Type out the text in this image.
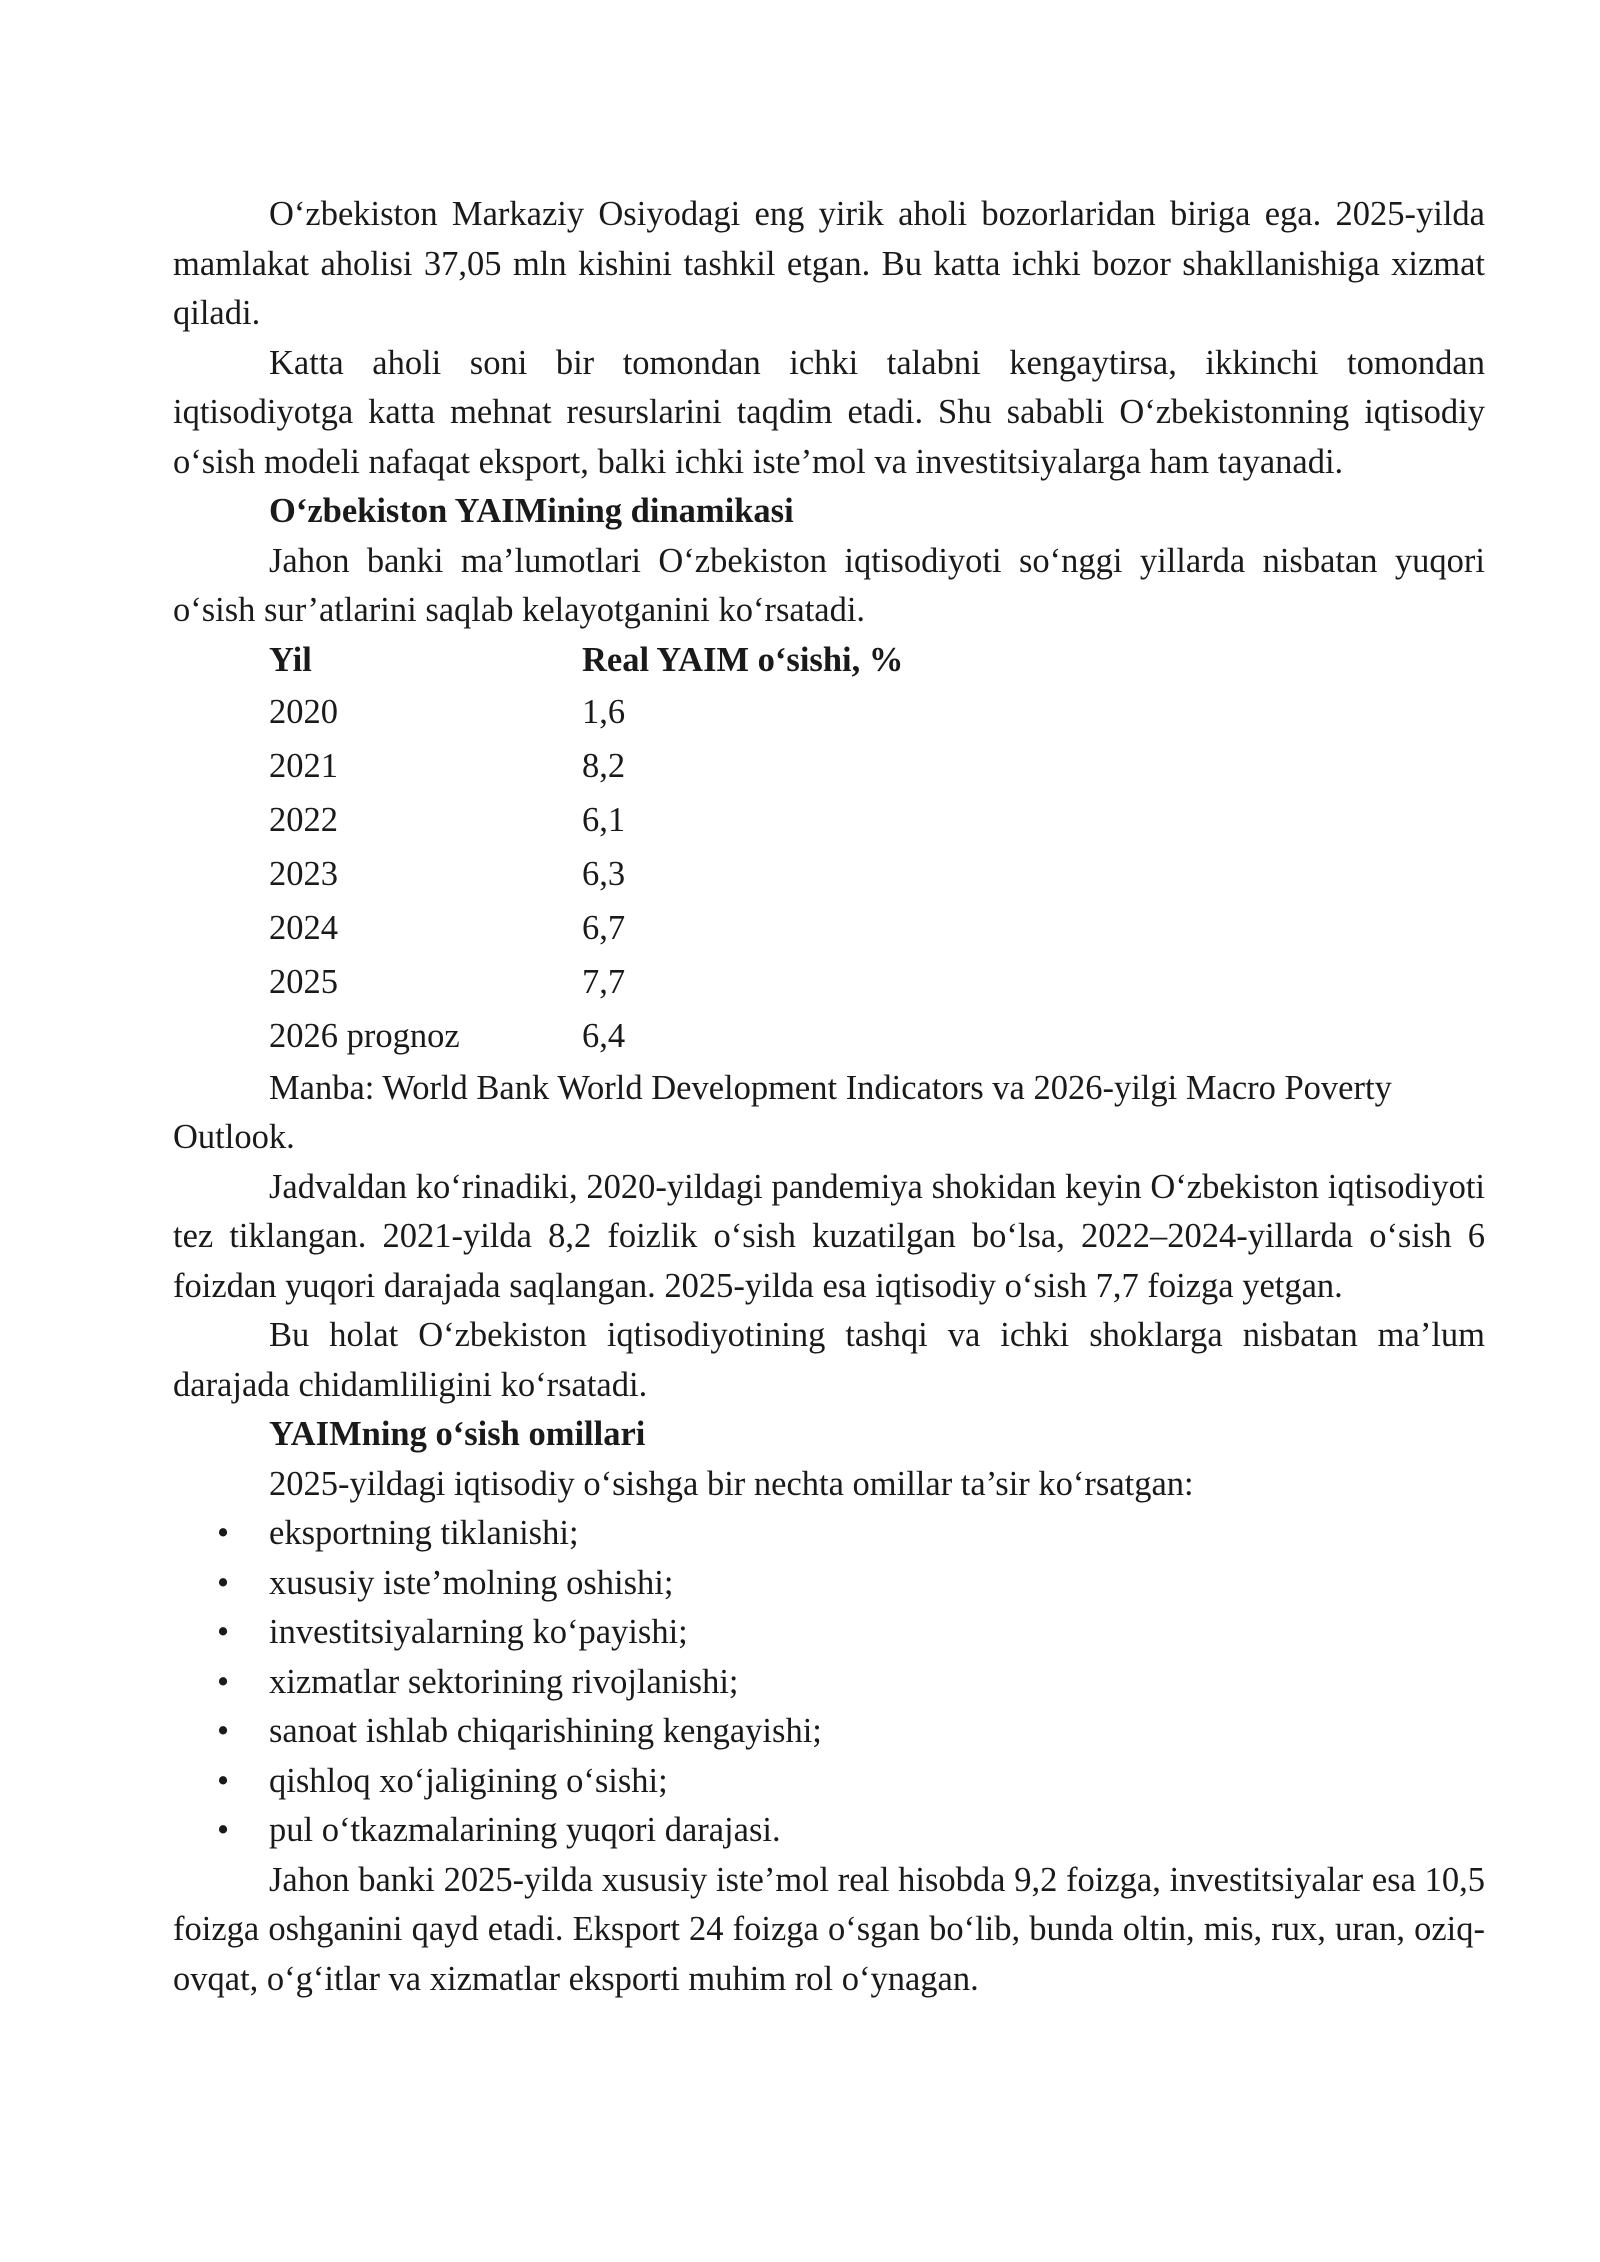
O‘zbekiston Markaziy Osiyodagi eng yirik aholi bozorlaridan biriga ega. 2025-yilda mamlakat aholisi 37,05 mln kishini tashkil etgan. Bu katta ichki bozor shakllanishiga xizmat qiladi.

Katta aholi soni bir tomondan ichki talabni kengaytirsa, ikkinchi tomondan iqtisodiyotga katta mehnat resurslarini taqdim etadi. Shu sababli O‘zbekistonning iqtisodiy o‘sish modeli nafaqat eksport, balki ichki iste’mol va investitsiyalarga ham tayanadi.

O‘zbekiston YAIMining dinamikasi

Jahon banki ma’lumotlari O‘zbekiston iqtisodiyoti so‘nggi yillarda nisbatan yuqori o‘sish sur’atlarini saqlab kelayotganini ko‘rsatadi.

Yil	Real YAIM o‘sishi, %
2020	1,6
2021	8,2
2022	6,1
2023	6,3
2024	6,7
2025	7,7
2026 prognoz	6,4

Manba: World Bank World Development Indicators va 2026-yilgi Macro Poverty Outlook.

Jadvaldan ko‘rinadiki, 2020-yildagi pandemiya shokidan keyin O‘zbekiston iqtisodiyoti tez tiklangan. 2021-yilda 8,2 foizlik o‘sish kuzatilgan bo‘lsa, 2022–2024-yillarda o‘sish 6 foizdan yuqori darajada saqlangan. 2025-yilda esa iqtisodiy o‘sish 7,7 foizga yetgan.

Bu holat O‘zbekiston iqtisodiyotining tashqi va ichki shoklarga nisbatan ma’lum darajada chidamliligini ko‘rsatadi.

YAIMning o‘sish omillari

2025-yildagi iqtisodiy o‘sishga bir nechta omillar ta’sir ko‘rsatgan:

• eksportning tiklanishi;
• xususiy iste’molning oshishi;
• investitsiyalarning ko‘payishi;
• xizmatlar sektorining rivojlanishi;
• sanoat ishlab chiqarishining kengayishi;
• qishloq xo‘jaligining o‘sishi;
• pul o‘tkazmalarining yuqori darajasi.

Jahon banki 2025-yilda xususiy iste’mol real hisobda 9,2 foizga, investitsiyalar esa 10,5 foizga oshganini qayd etadi. Eksport 24 foizga o‘sgan bo‘lib, bunda oltin, mis, rux, uran, oziq-ovqat, o‘g‘itlar va xizmatlar eksporti muhim rol o‘ynagan.
